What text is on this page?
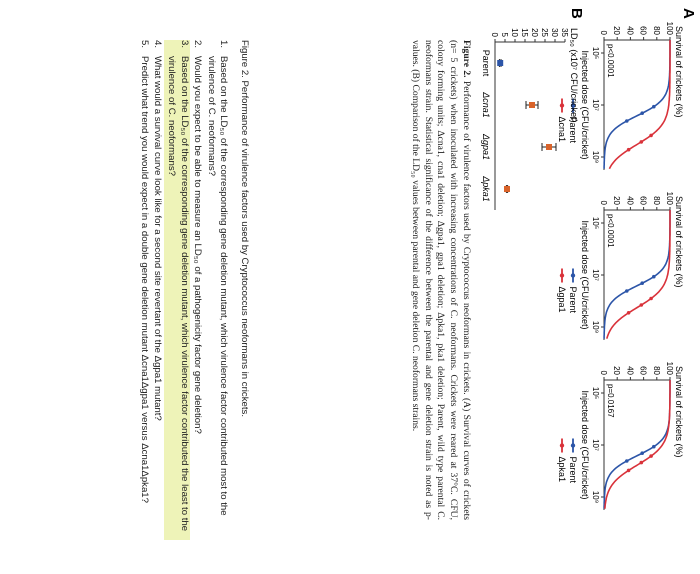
A
B
Survival of crickets (%)
0 20 40 60 80 100
10⁵
10⁷
10⁹
Injected dose (CFU/cricket) p<0.0001
Parent
Δcna1
Survival of crickets (%)
0 20 40 60 80 100
10⁵
10⁷
10⁹
Injected dose (CFU/cricket) p<0.0001
Parent
Δgpa1
Survival of crickets (%)
0 20 40 60 80 100
10⁵
10⁷
10⁹
Injected dose (CFU/cricket) p=0.0167
Parent
Δpka1
LD₅₀ (x10⁷ CFU/cricket)
0 5 10 15 20 25 30 35
Parent
Δcna1
Δgpa1
Δpka1
Figure 2. Performance of virulence factors used by Cryptococcus neoformans in crickets. (A) Survival curves of crickets (n= 5 crickets) when inoculated with increasing concentrations of C. neoformans. Crickets were reared at 37°C. CFU, colony forming units; Δcna1, cna1 deletion; Δgpa1, gpa1 deletion; Δpka1, pka1 deletion; Parent, wild type parental C. neoformans strain. Statistical significance of the difference between the parental and gene deletion strain is noted as p-values. (B) Comparison of the LD₅₀ values between parental and gene deletion C. neoformans strains.
Figure 2. Performance of virulence factors used by Cryptococcus neoformans in crickets.
1.
Based on the LD₅₀ of the corresponding gene deletion mutant, which virulence factor contributed most to the virulence of C. neoformans?
2.
Would you expect to be able to measure an LD₅₀ of a pathogenicity factor gene deletion?
3.
Based on the LD₅₀ of the corresponding gene deletion mutant, which virulence factor contributed the least to the virulence of C. neoformans?
4.
What would a survival curve look like for a second site revertant of the Δgpa1 mutant?
5.
Predict what trend you would expect in a double gene deletion mutant Δcna1Δgpa1 versus Δcna1Δpka1?
